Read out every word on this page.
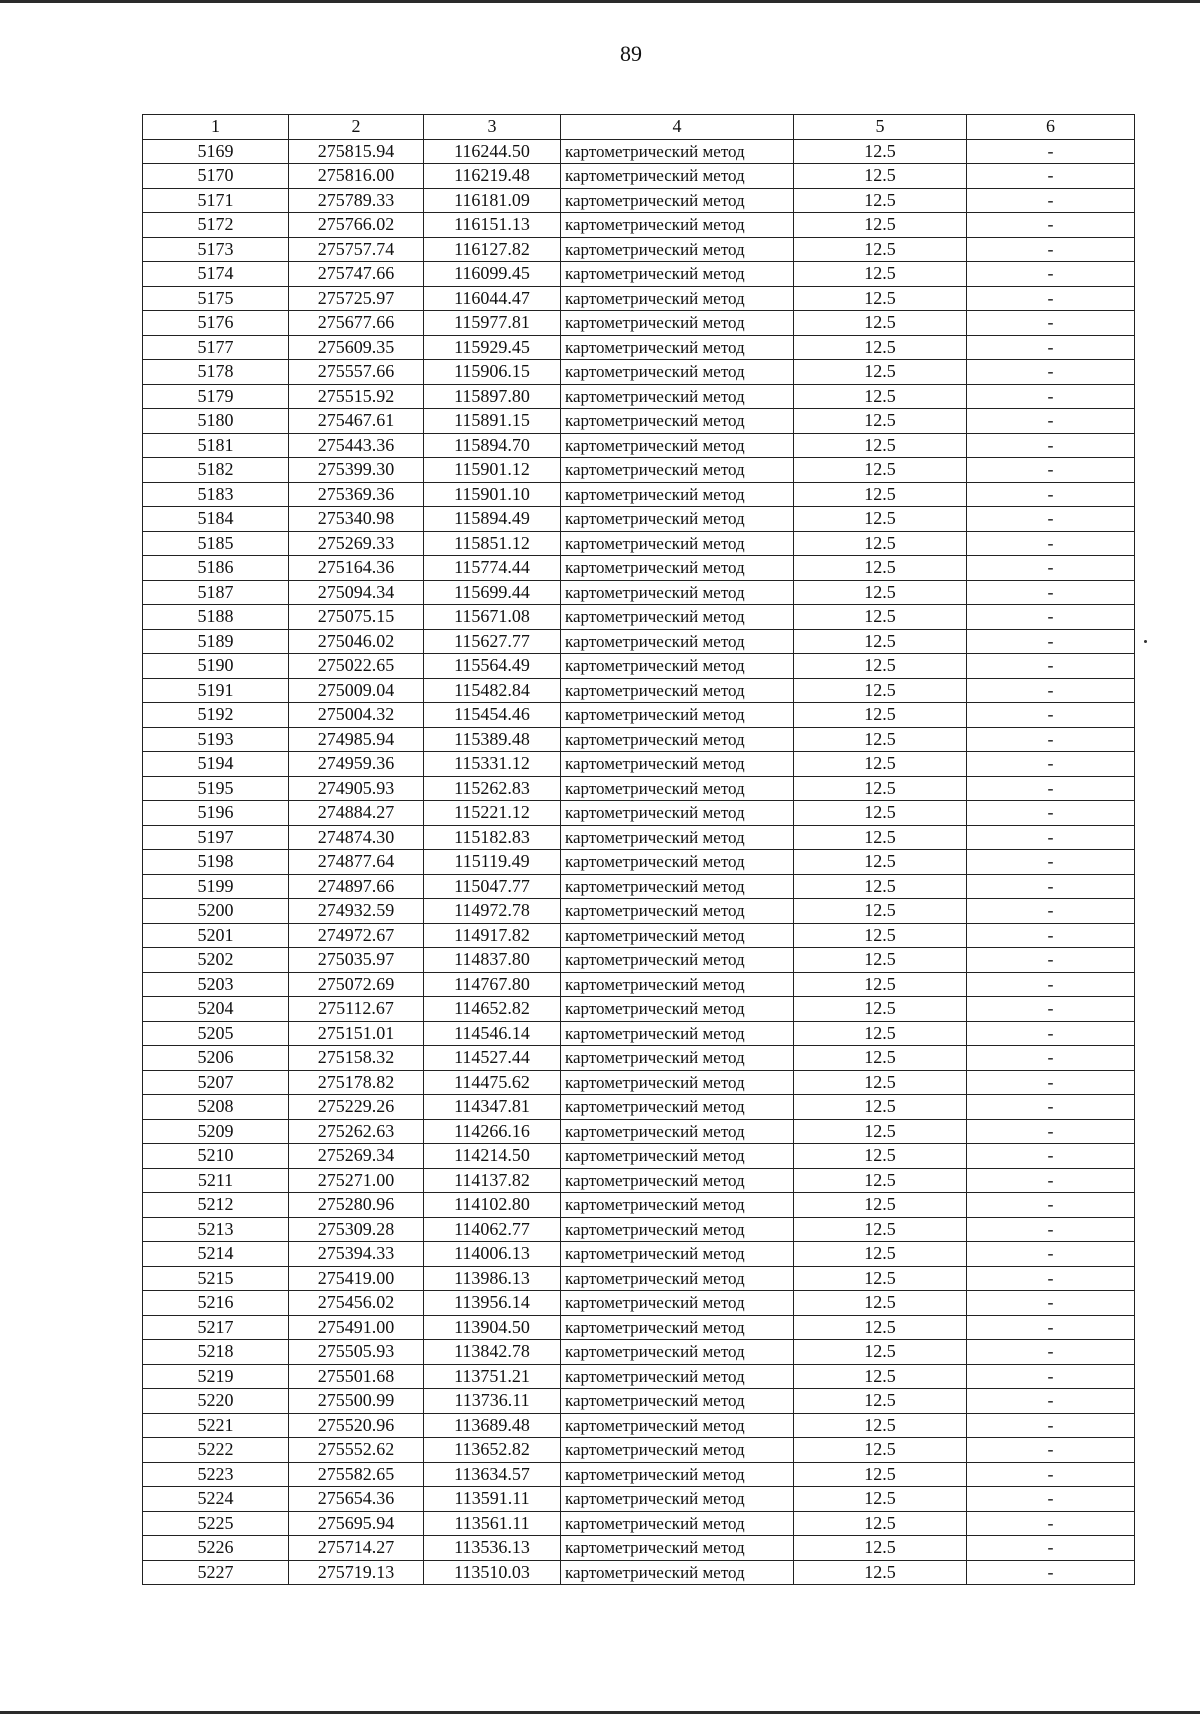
89
1	2	3	4	5	6
5169	275815.94	116244.50	картометрический метод	12.5	-
5170	275816.00	116219.48	картометрический метод	12.5	-
5171	275789.33	116181.09	картометрический метод	12.5	-
5172	275766.02	116151.13	картометрический метод	12.5	-
5173	275757.74	116127.82	картометрический метод	12.5	-
5174	275747.66	116099.45	картометрический метод	12.5	-
5175	275725.97	116044.47	картометрический метод	12.5	-
5176	275677.66	115977.81	картометрический метод	12.5	-
5177	275609.35	115929.45	картометрический метод	12.5	-
5178	275557.66	115906.15	картометрический метод	12.5	-
5179	275515.92	115897.80	картометрический метод	12.5	-
5180	275467.61	115891.15	картометрический метод	12.5	-
5181	275443.36	115894.70	картометрический метод	12.5	-
5182	275399.30	115901.12	картометрический метод	12.5	-
5183	275369.36	115901.10	картометрический метод	12.5	-
5184	275340.98	115894.49	картометрический метод	12.5	-
5185	275269.33	115851.12	картометрический метод	12.5	-
5186	275164.36	115774.44	картометрический метод	12.5	-
5187	275094.34	115699.44	картометрический метод	12.5	-
5188	275075.15	115671.08	картометрический метод	12.5	-
5189	275046.02	115627.77	картометрический метод	12.5	-
5190	275022.65	115564.49	картометрический метод	12.5	-
5191	275009.04	115482.84	картометрический метод	12.5	-
5192	275004.32	115454.46	картометрический метод	12.5	-
5193	274985.94	115389.48	картометрический метод	12.5	-
5194	274959.36	115331.12	картометрический метод	12.5	-
5195	274905.93	115262.83	картометрический метод	12.5	-
5196	274884.27	115221.12	картометрический метод	12.5	-
5197	274874.30	115182.83	картометрический метод	12.5	-
5198	274877.64	115119.49	картометрический метод	12.5	-
5199	274897.66	115047.77	картометрический метод	12.5	-
5200	274932.59	114972.78	картометрический метод	12.5	-
5201	274972.67	114917.82	картометрический метод	12.5	-
5202	275035.97	114837.80	картометрический метод	12.5	-
5203	275072.69	114767.80	картометрический метод	12.5	-
5204	275112.67	114652.82	картометрический метод	12.5	-
5205	275151.01	114546.14	картометрический метод	12.5	-
5206	275158.32	114527.44	картометрический метод	12.5	-
5207	275178.82	114475.62	картометрический метод	12.5	-
5208	275229.26	114347.81	картометрический метод	12.5	-
5209	275262.63	114266.16	картометрический метод	12.5	-
5210	275269.34	114214.50	картометрический метод	12.5	-
5211	275271.00	114137.82	картометрический метод	12.5	-
5212	275280.96	114102.80	картометрический метод	12.5	-
5213	275309.28	114062.77	картометрический метод	12.5	-
5214	275394.33	114006.13	картометрический метод	12.5	-
5215	275419.00	113986.13	картометрический метод	12.5	-
5216	275456.02	113956.14	картометрический метод	12.5	-
5217	275491.00	113904.50	картометрический метод	12.5	-
5218	275505.93	113842.78	картометрический метод	12.5	-
5219	275501.68	113751.21	картометрический метод	12.5	-
5220	275500.99	113736.11	картометрический метод	12.5	-
5221	275520.96	113689.48	картометрический метод	12.5	-
5222	275552.62	113652.82	картометрический метод	12.5	-
5223	275582.65	113634.57	картометрический метод	12.5	-
5224	275654.36	113591.11	картометрический метод	12.5	-
5225	275695.94	113561.11	картометрический метод	12.5	-
5226	275714.27	113536.13	картометрический метод	12.5	-
5227	275719.13	113510.03	картометрический метод	12.5	-
